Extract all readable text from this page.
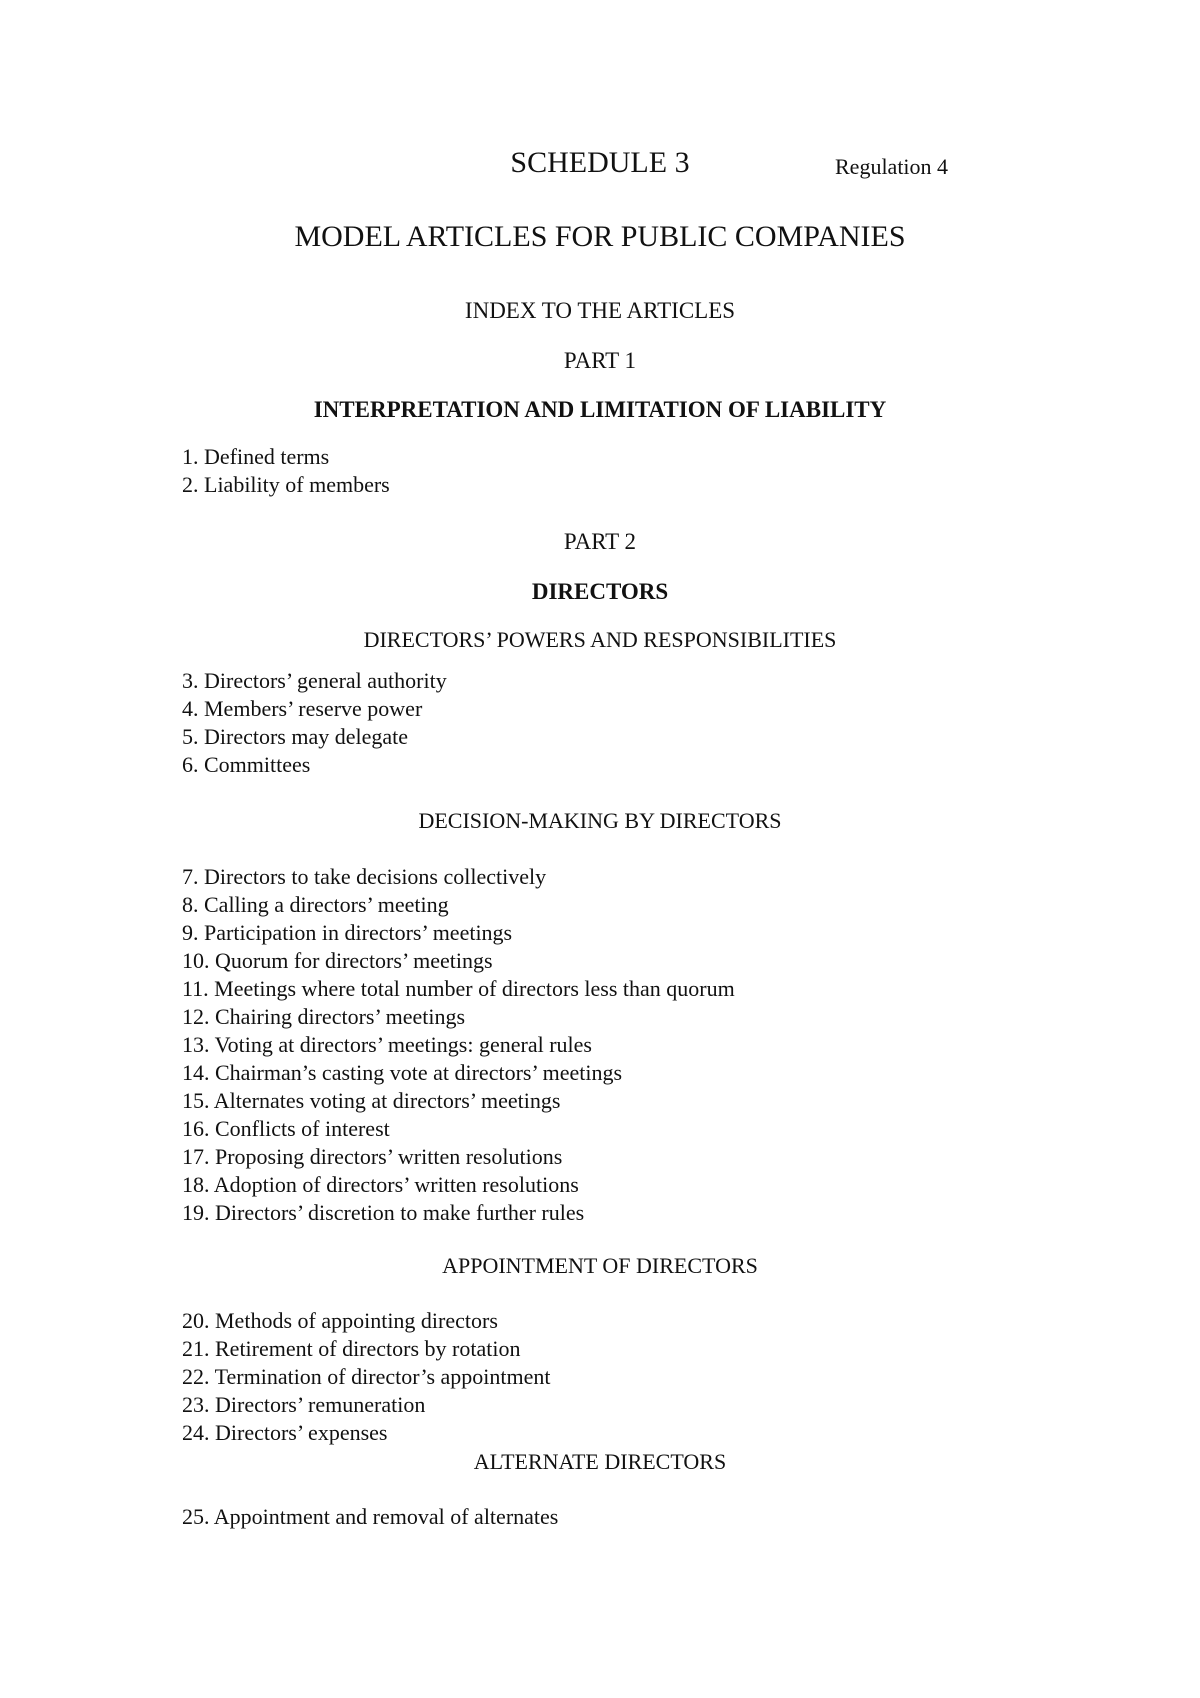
SCHEDULE 3	Regulation 4
MODEL ARTICLES FOR PUBLIC COMPANIES
INDEX TO THE ARTICLES
PART 1
INTERPRETATION AND LIMITATION OF LIABILITY
1. Defined terms
2. Liability of members
PART 2
DIRECTORS
DIRECTORS’ POWERS AND RESPONSIBILITIES
3. Directors’ general authority
4. Members’ reserve power
5. Directors may delegate
6. Committees
DECISION-MAKING BY DIRECTORS
7. Directors to take decisions collectively
8. Calling a directors’ meeting
9. Participation in directors’ meetings
10. Quorum for directors’ meetings
11. Meetings where total number of directors less than quorum
12. Chairing directors’ meetings
13. Voting at directors’ meetings: general rules
14. Chairman’s casting vote at directors’ meetings
15. Alternates voting at directors’ meetings
16. Conflicts of interest
17. Proposing directors’ written resolutions
18. Adoption of directors’ written resolutions
19. Directors’ discretion to make further rules
APPOINTMENT OF DIRECTORS
20. Methods of appointing directors
21. Retirement of directors by rotation
22. Termination of director’s appointment
23. Directors’ remuneration
24. Directors’ expenses
ALTERNATE DIRECTORS
25. Appointment and removal of alternates
